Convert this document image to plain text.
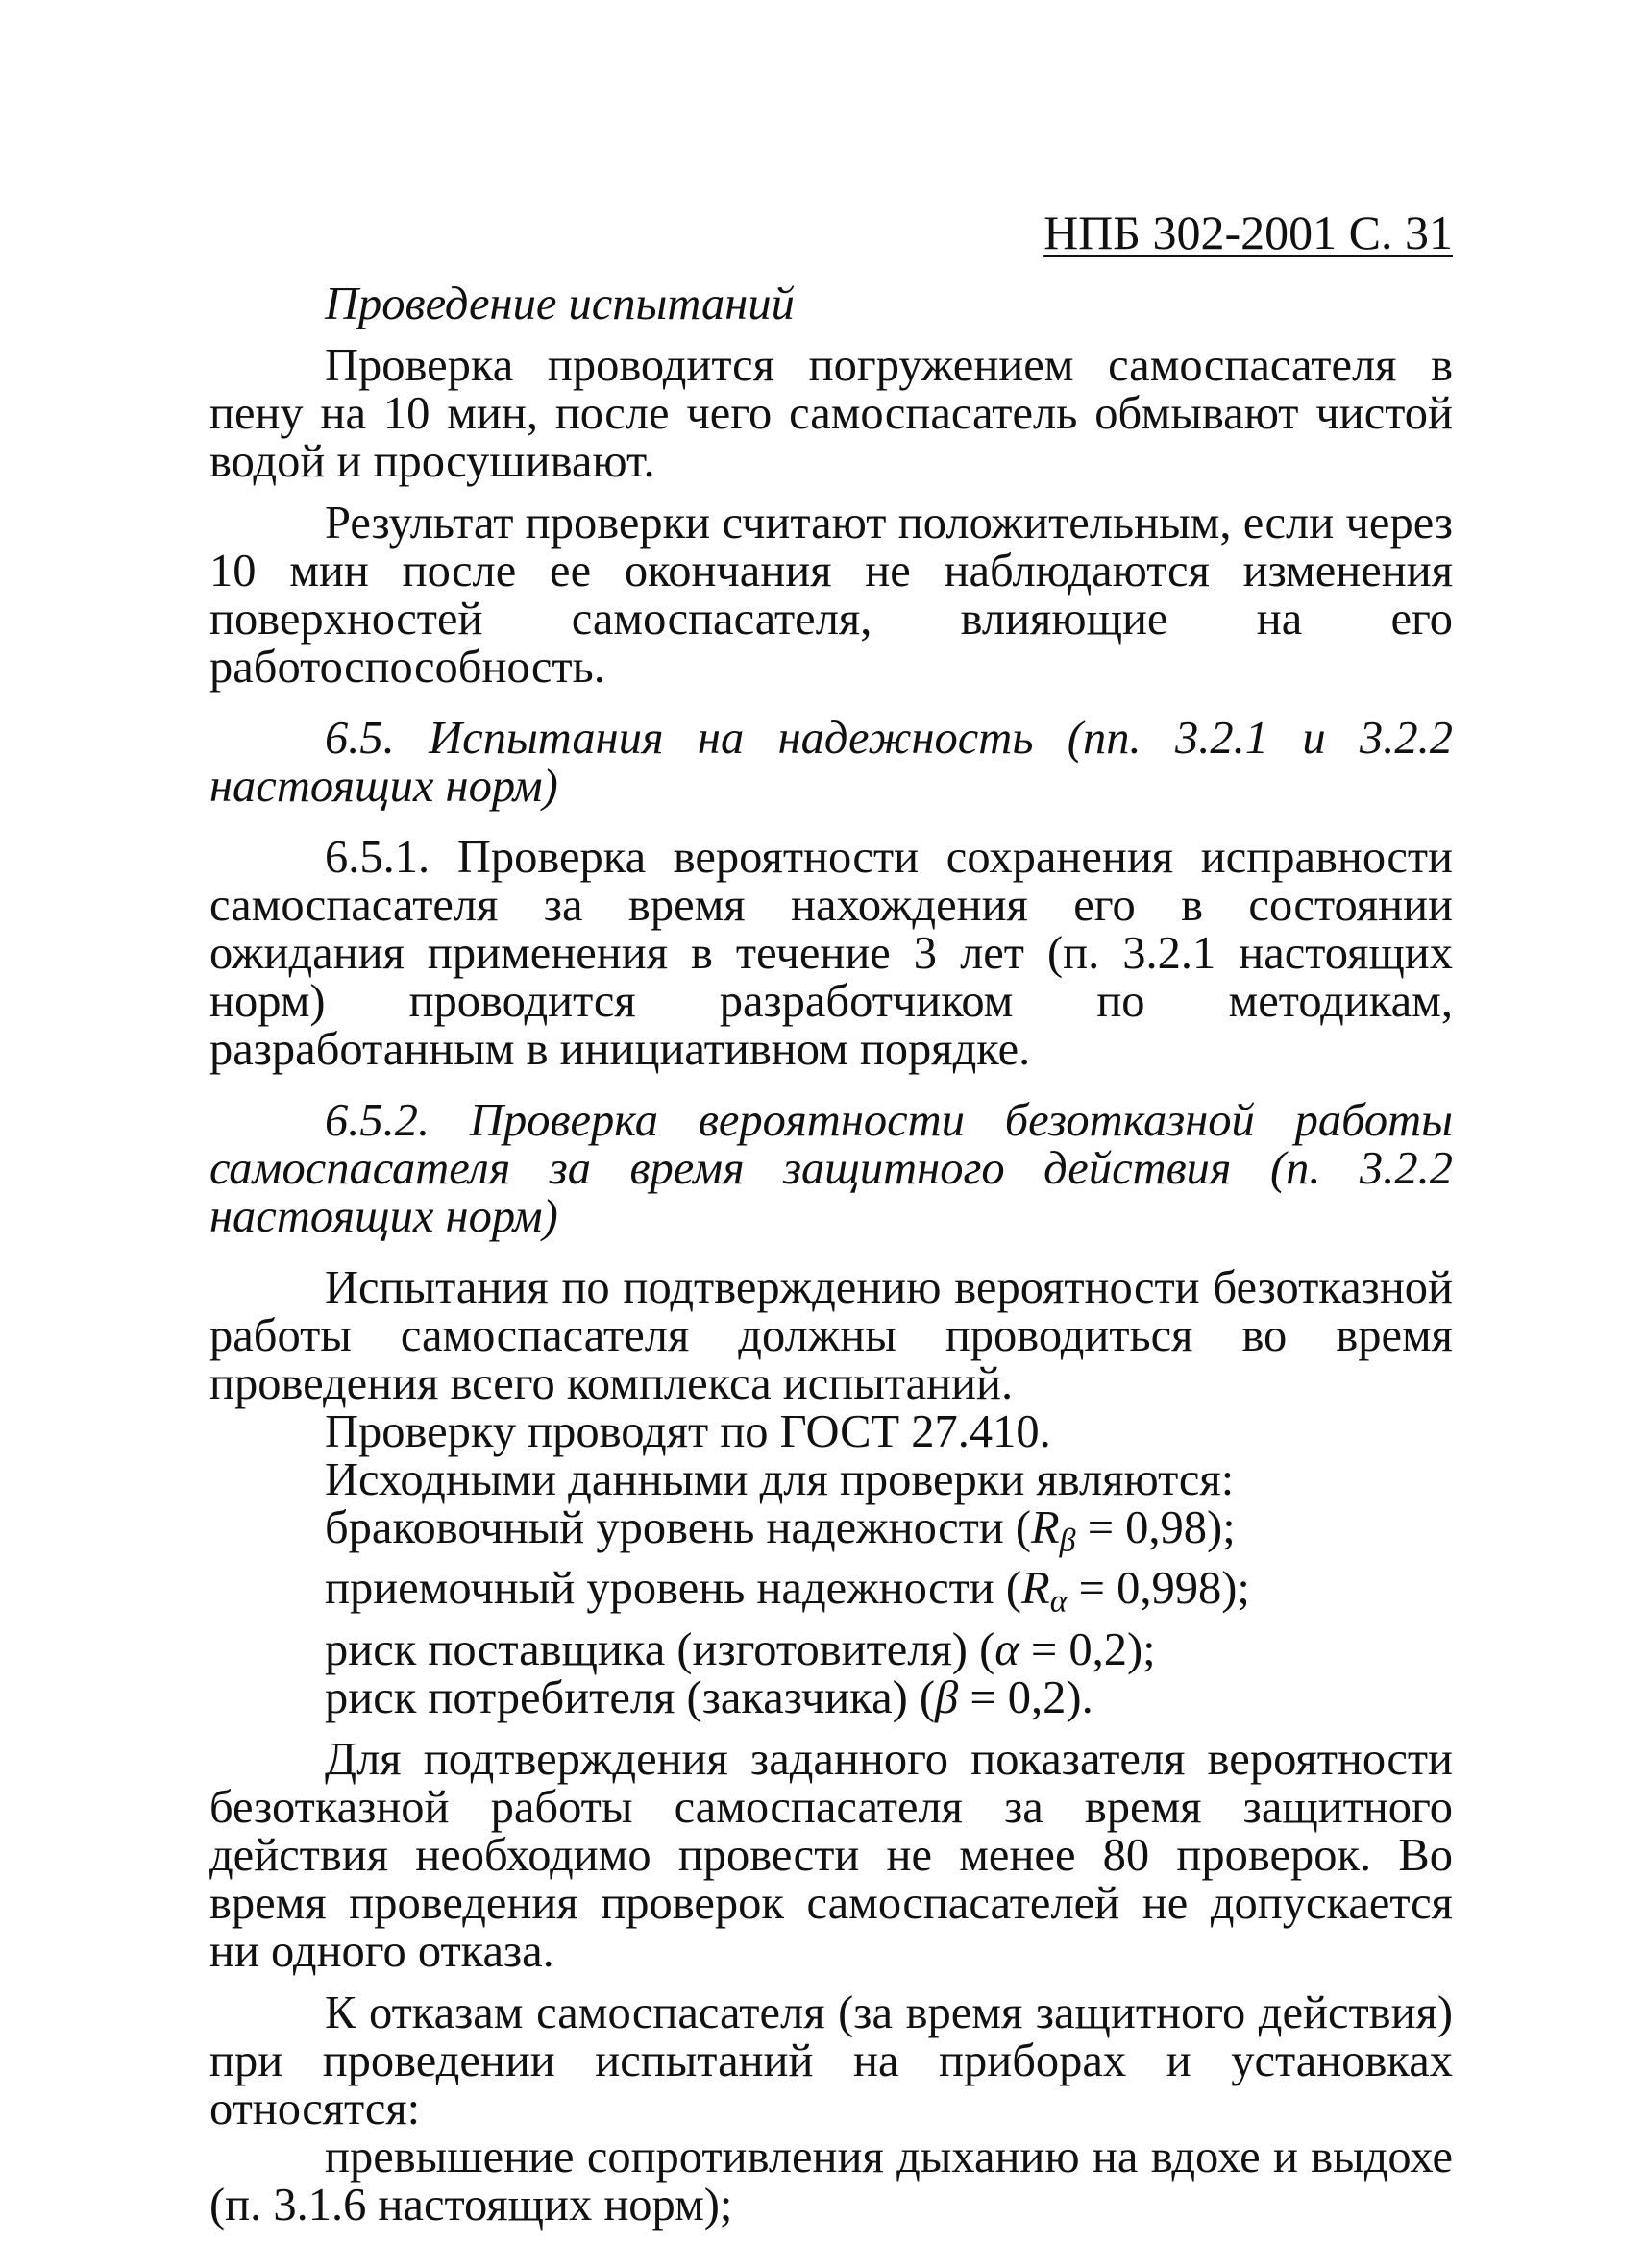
НПБ 302-2001 С. 31

Проведение испытаний

Проверка проводится погружением самоспасателя в пену на 10 мин, после чего самоспасатель обмывают чистой водой и просушивают.

Результат проверки считают положительным, если через 10 мин после ее окончания не наблюдаются изменения поверхностей самоспасателя, влияющие на его работоспособность.

6.5. Испытания на надежность (пп. 3.2.1 и 3.2.2 настоящих норм)

6.5.1. Проверка вероятности сохранения исправности самоспасателя за время нахождения его в состоянии ожидания применения в течение 3 лет (п. 3.2.1 настоящих норм) проводится разработчиком по методикам, разработанным в инициативном порядке.

6.5.2. Проверка вероятности безотказной работы самоспасателя за время защитного действия (п. 3.2.2 настоящих норм)

Испытания по подтверждению вероятности безотказной работы самоспасателя должны проводиться во время проведения всего комплекса испытаний.

Проверку проводят по ГОСТ 27.410.

Исходными данными для проверки являются:

браковочный уровень надежности $(R_\beta = 0,98)$;

приемочный уровень надежности $(R_\alpha = 0,998)$;

риск поставщика (изготовителя) (α = 0,2);

риск потребителя (заказчика) (β = 0,2).

Для подтверждения заданного показателя вероятности безотказной работы самоспасателя за время защитного действия необходимо провести не менее 80 проверок. Во время проведения проверок самоспасателей не допускается ни одного отказа.

К отказам самоспасателя (за время защитного действия) при проведении испытаний на приборах и установках относятся:

превышение сопротивления дыханию на вдохе и выдохе (п. 3.1.6 настоящих норм);
